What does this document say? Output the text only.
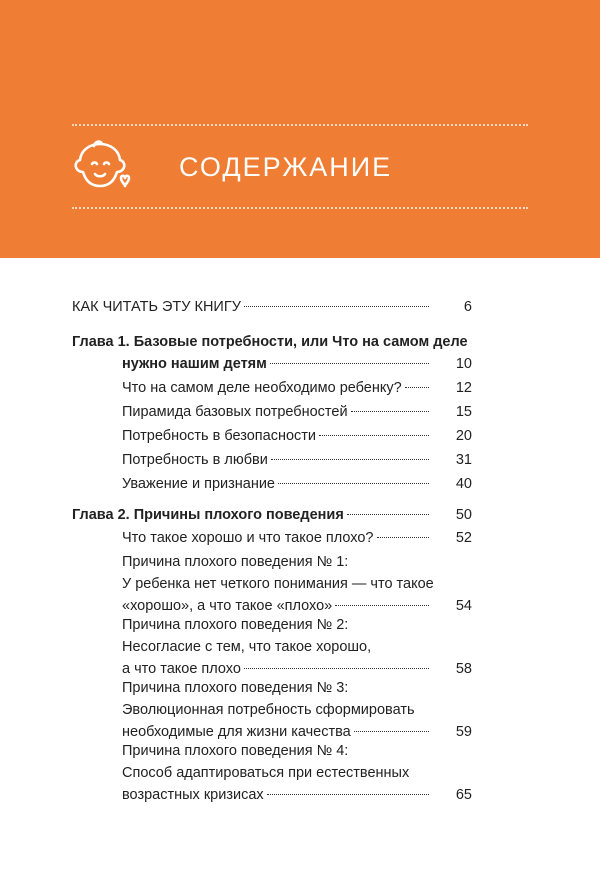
СОДЕРЖАНИЕ
КАК ЧИТАТЬ ЭТУ КНИГУ	6
Глава 1. Базовые потребности, или Что на самом деле
нужно нашим детям	10
Что на самом деле необходимо ребенку?	12
Пирамида базовых потребностей	15
Потребность в безопасности	20
Потребность в любви	31
Уважение и признание	40
Глава 2. Причины плохого поведения	50
Что такое хорошо и что такое плохо?	52
Причина плохого поведения № 1:
У ребенка нет четкого понимания — что такое
«хорошо», а что такое «плохо»	54
Причина плохого поведения № 2:
Несогласие с тем, что такое хорошо,
а что такое плохо	58
Причина плохого поведения № 3:
Эволюционная потребность сформировать
необходимые для жизни качества	59
Причина плохого поведения № 4:
Способ адаптироваться при естественных
возрастных кризисах	65
